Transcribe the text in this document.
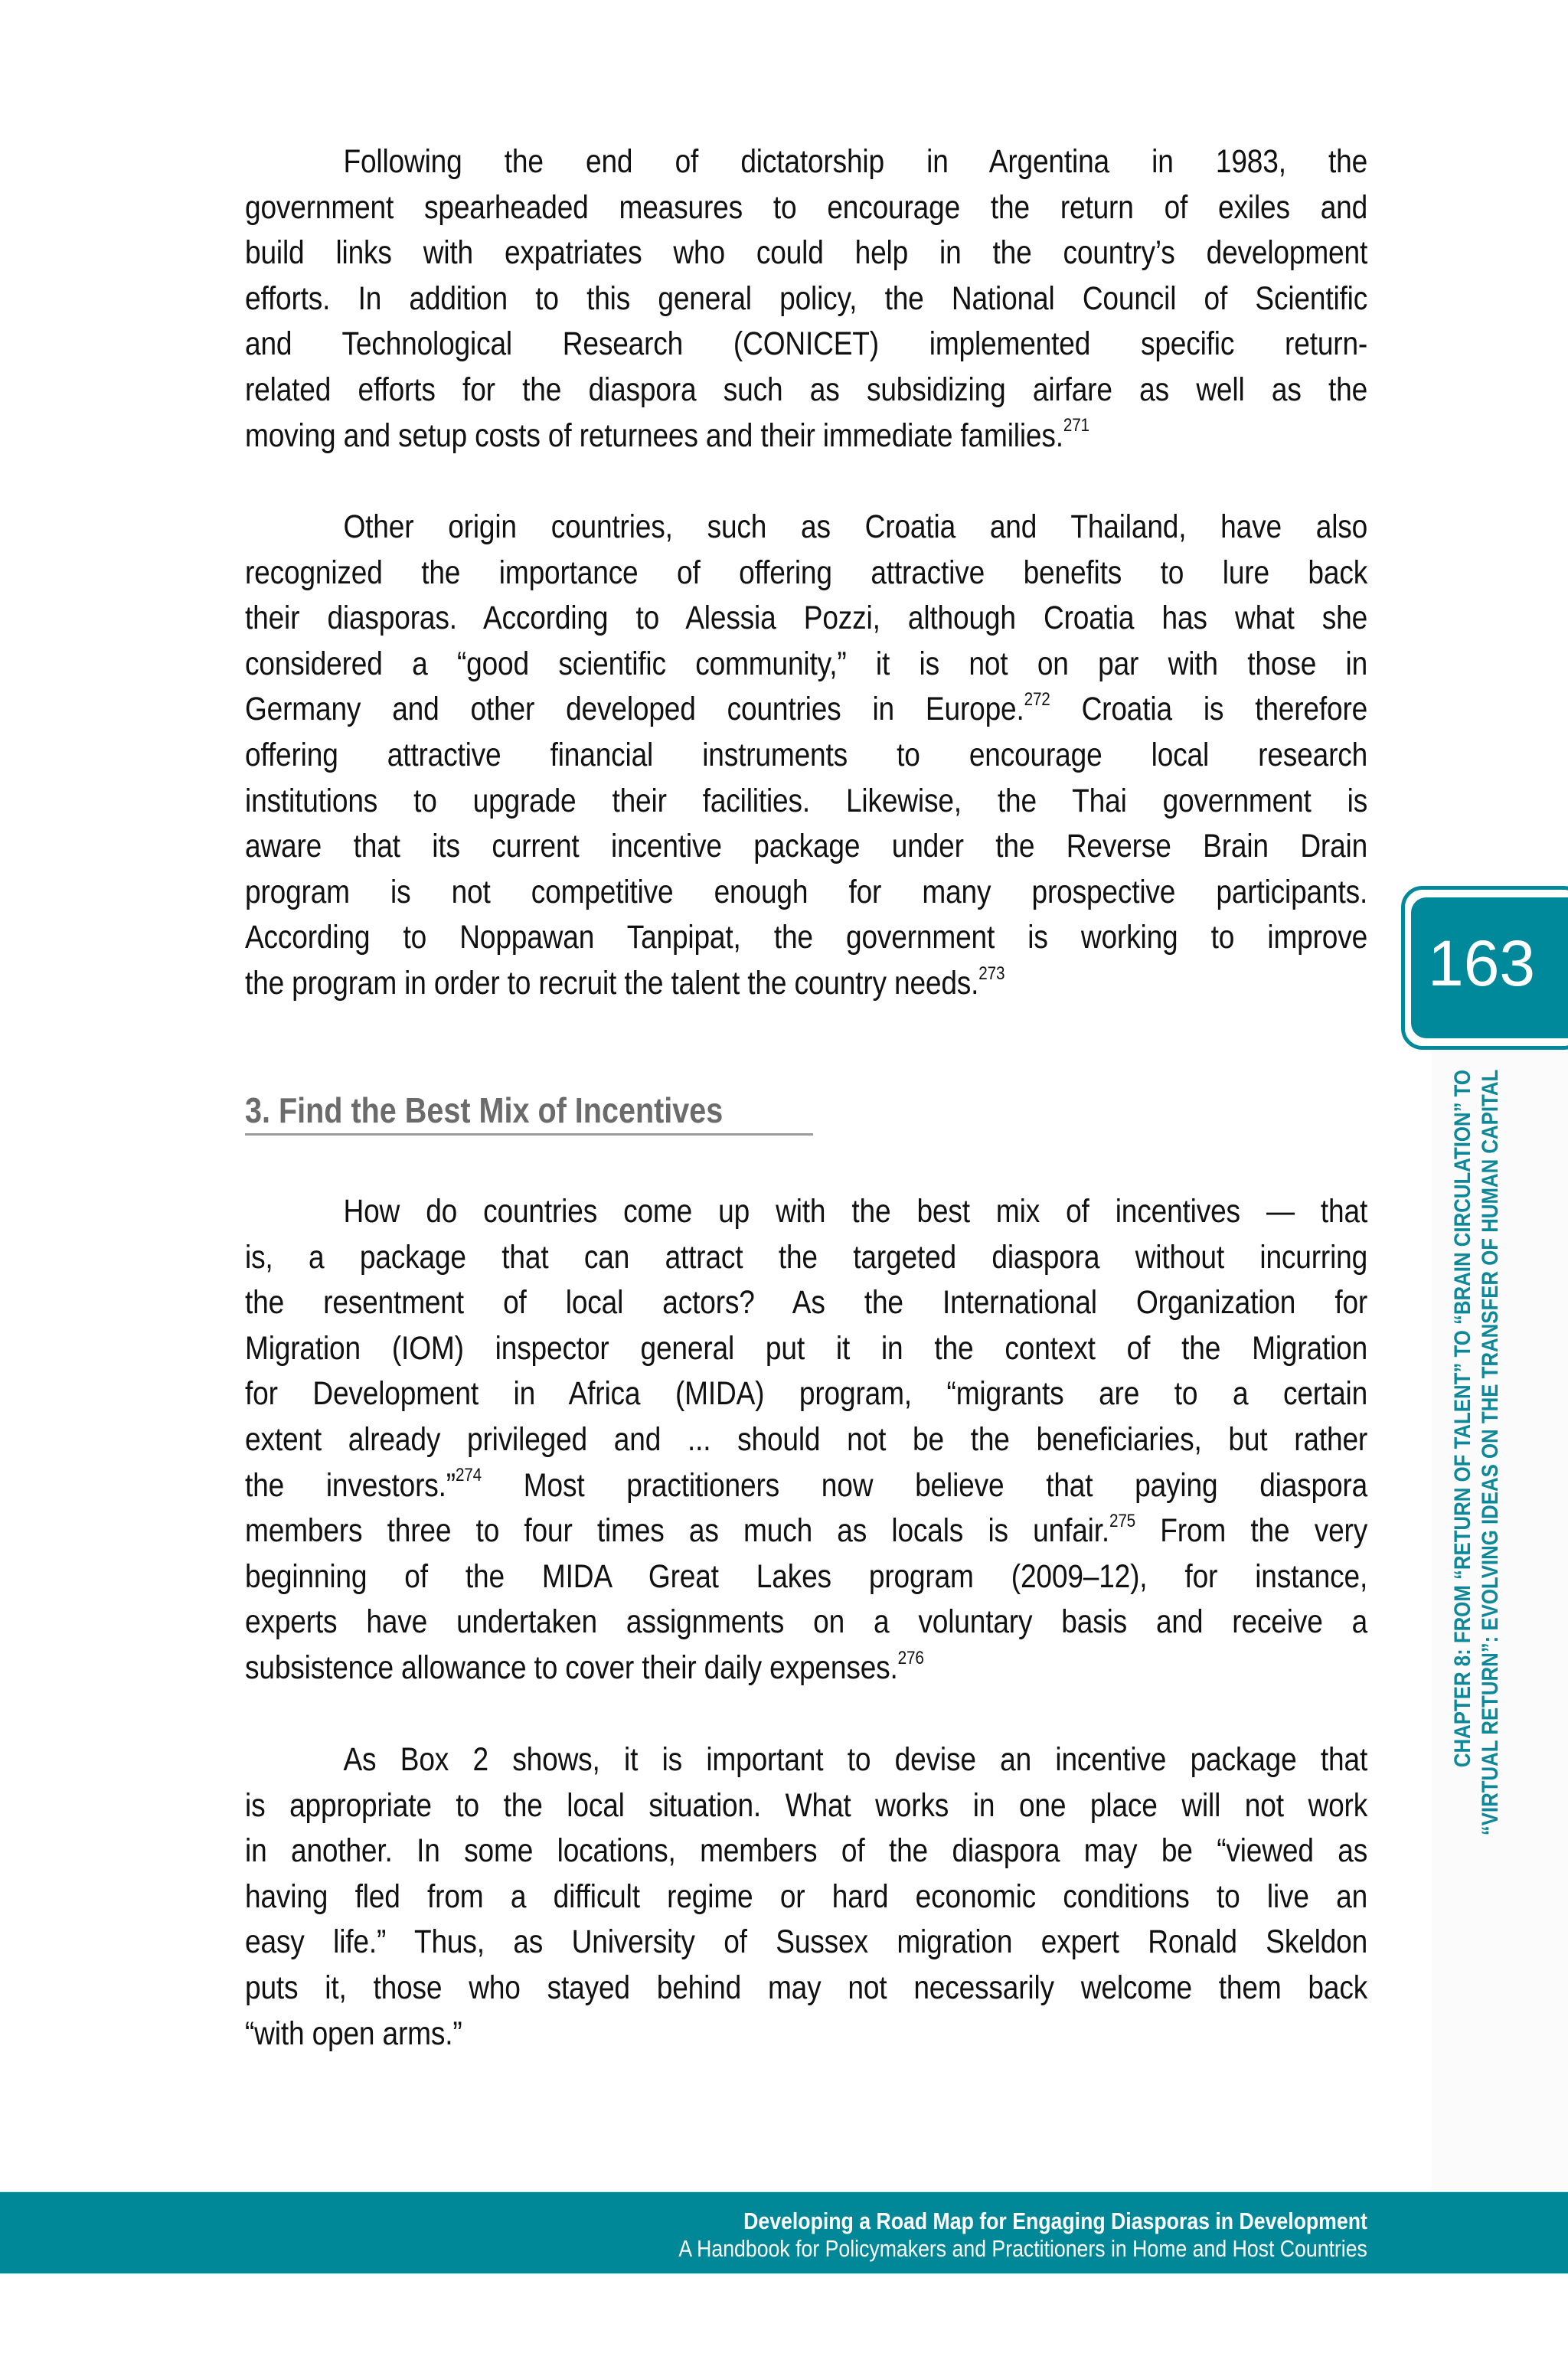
Following the end of dictatorship in Argentina in 1983, the
government spearheaded measures to encourage the return of exiles and
build links with expatriates who could help in the country’s development
efforts. In addition to this general policy, the National Council of Scientific
and Technological Research (CONICET) implemented specific return-
related efforts for the diaspora such as subsidizing airfare as well as the
moving and setup costs of returnees and their immediate families.$^{271}$
Other origin countries, such as Croatia and Thailand, have also
recognized the importance of offering attractive benefits to lure back
their diasporas. According to Alessia Pozzi, although Croatia has what she
considered a “good scientific community,” it is not on par with those in
Germany and other developed countries in Europe.$^{272}$ Croatia is therefore
offering attractive financial instruments to encourage local research
institutions to upgrade their facilities. Likewise, the Thai government is
aware that its current incentive package under the Reverse Brain Drain
program is not competitive enough for many prospective participants.
According to Noppawan Tanpipat, the government is working to improve
the program in order to recruit the talent the country needs.$^{273}$
How do countries come up with the best mix of incentives — that
is, a package that can attract the targeted diaspora without incurring
the resentment of local actors? As the International Organization for
Migration (IOM) inspector general put it in the context of the Migration
for Development in Africa (MIDA) program, “migrants are to a certain
extent already privileged and ... should not be the beneficiaries, but rather
the investors.”$^{274}$ Most practitioners now believe that paying diaspora
members three to four times as much as locals is unfair.$^{275}$ From the very
beginning of the MIDA Great Lakes program (2009–12), for instance,
experts have undertaken assignments on a voluntary basis and receive a
subsistence allowance to cover their daily expenses.$^{276}$
As Box 2 shows, it is important to devise an incentive package that
is appropriate to the local situation. What works in one place will not work
in another. In some locations, members of the diaspora may be “viewed as
having fled from a difficult regime or hard economic conditions to live an
easy life.” Thus, as University of Sussex migration expert Ronald Skeldon
puts it, those who stayed behind may not necessarily welcome them back
“with open arms.”
3. Find the Best Mix of Incentives
163
CHAPTER 8: FROM “RETURN OF TALENT” TO “BRAIN CIRCULATION” TO “VIRTUAL RETURN”: EVOLVING IDEAS ON THE TRANSFER OF HUMAN CAPITAL
Developing a Road Map for Engaging Diasporas in Development
A Handbook for Policymakers and Practitioners in Home and Host Countries
